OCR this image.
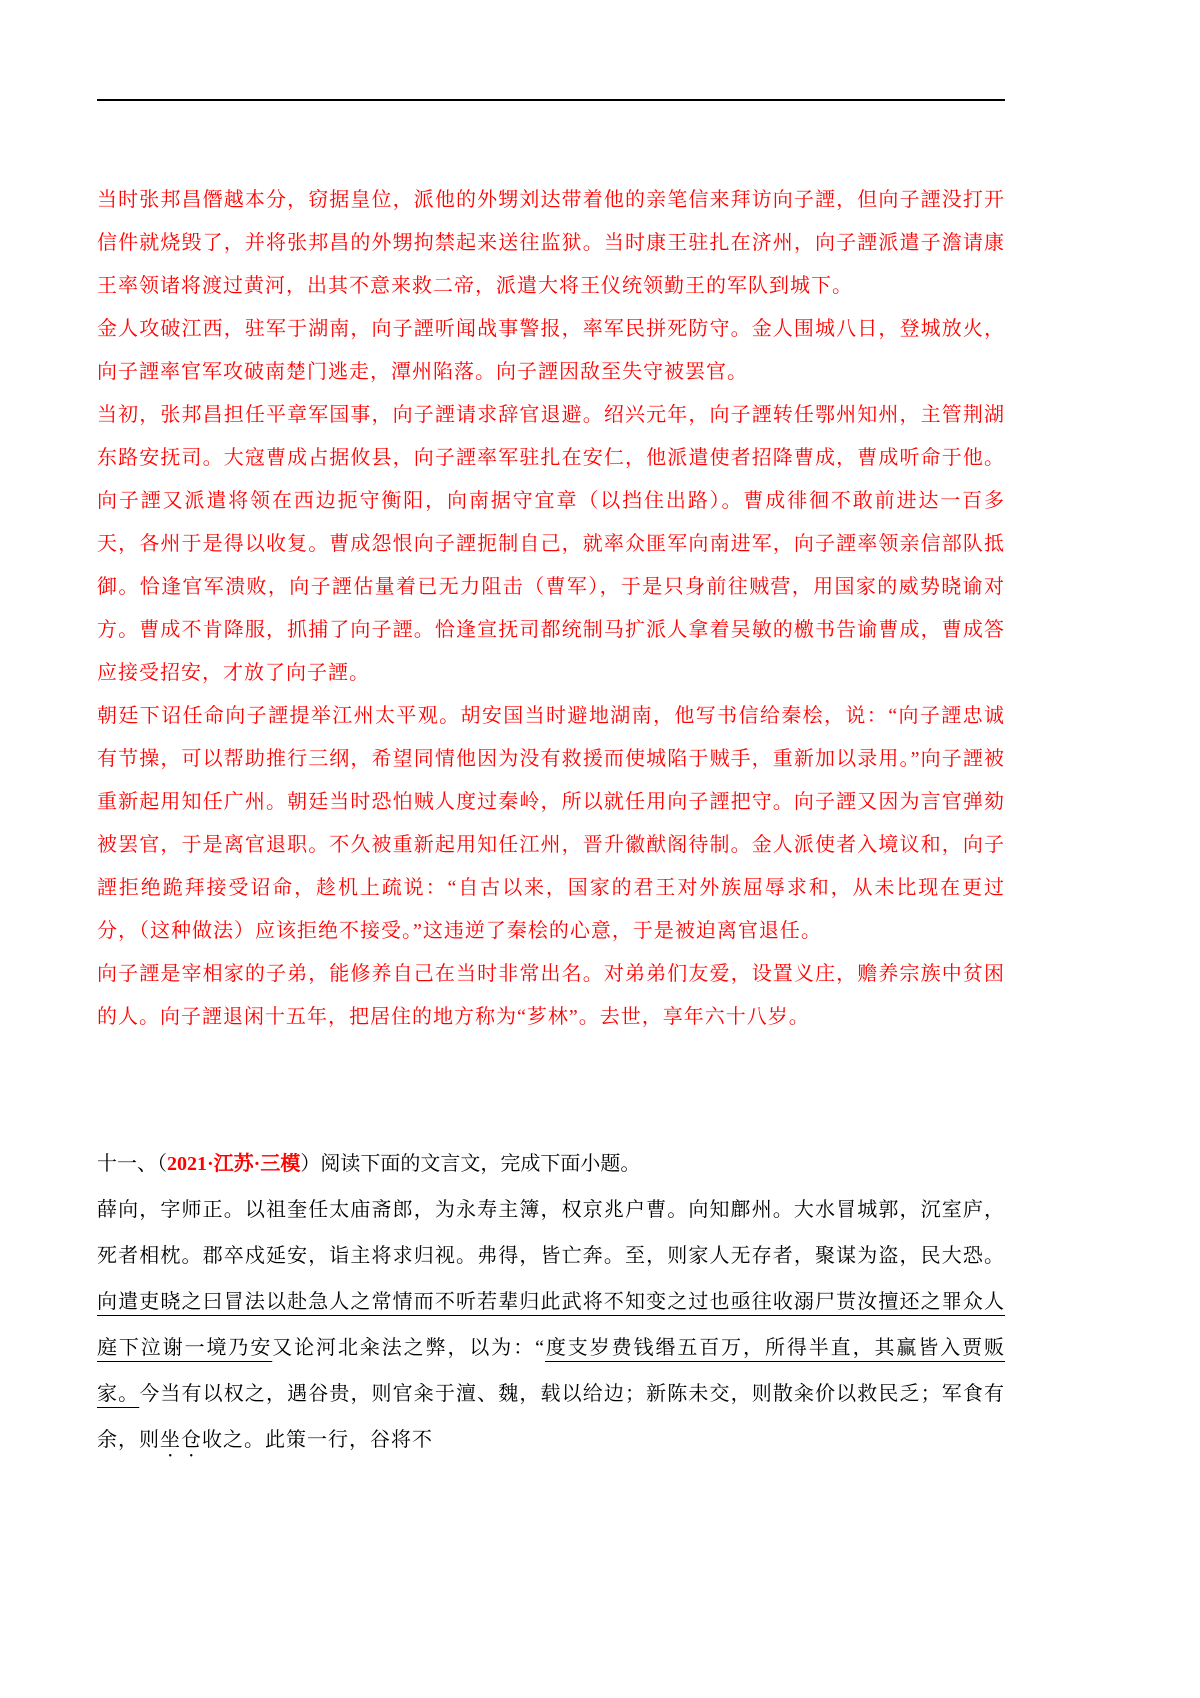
当时张邦昌僭越本分，窃据皇位，派他的外甥刘达带着他的亲笔信来拜访向子諲，但向子諲没打开信件就烧毁了，并将张邦昌的外甥拘禁起来送往监狱。当时康王驻扎在济州，向子諲派遣子澹请康王率领诸将渡过黄河，出其不意来救二帝，派遣大将王仪统领勤王的军队到城下。

金人攻破江西，驻军于湖南，向子諲听闻战事警报，率军民拼死防守。金人围城八日，登城放火，向子諲率官军攻破南楚门逃走，潭州陷落。向子諲因敌至失守被罢官。

当初，张邦昌担任平章军国事，向子諲请求辞官退避。绍兴元年，向子諲转任鄂州知州，主管荆湖东路安抚司。大寇曹成占据攸县，向子諲率军驻扎在安仁，他派遣使者招降曹成，曹成听命于他。向子諲又派遣将领在西边扼守衡阳，向南据守宜章（以挡住出路）。曹成徘徊不敢前进达一百多天，各州于是得以收复。曹成怨恨向子諲扼制自己，就率众匪军向南进军，向子諲率领亲信部队抵御。恰逢官军溃败，向子諲估量着已无力阻击（曹军），于是只身前往贼营，用国家的威势晓谕对方。曹成不肯降服，抓捕了向子諲。恰逢宣抚司都统制马扩派人拿着吴敏的檄书告谕曹成，曹成答应接受招安，才放了向子諲。

朝廷下诏任命向子諲提举江州太平观。胡安国当时避地湖南，他写书信给秦桧，说：“向子諲忠诚有节操，可以帮助推行三纲，希望同情他因为没有救援而使城陷于贼手，重新加以录用。”向子諲被重新起用知任广州。朝廷当时恐怕贼人度过秦岭，所以就任用向子諲把守。向子諲又因为言官弹劾被罢官，于是离官退职。不久被重新起用知任江州，晋升徽猷阁待制。金人派使者入境议和，向子諲拒绝跪拜接受诏命，趁机上疏说：“自古以来，国家的君王对外族屈辱求和，从未比现在更过分，（这种做法）应该拒绝不接受。”这违逆了秦桧的心意，于是被迫离官退任。

向子諲是宰相家的子弟，能修养自己在当时非常出名。对弟弟们友爱，设置义庄，赡养宗族中贫困的人。向子諲退闲十五年，把居住的地方称为“芗林”。去世，享年六十八岁。

十一、（2021·江苏·三模）阅读下面的文言文，完成下面小题。

薛向，字师正。以祖奎任太庙斋郎，为永寿主簿，权京兆户曹。向知鄜州。大水冒城郭，沉室庐，死者相枕。郡卒戍延安，诣主将求归视。弗得，皆亡奔。至，则家人无存者，聚谋为盗，民大恐。向遣吏晓之曰冒法以赴急人之常情而不听若辈归此武将不知变之过也亟往收溺尸贳汝擅还之罪众人庭下泣谢一境乃安又论河北籴法之弊，以为：“度支岁费钱缗五百万，所得半直，其赢皆入贾贩家。今当有以权之，遇谷贵，则官籴于澶、魏，载以给边；新陈未交，则散籴价以救民乏；军食有余，则坐仓收之。此策一行，谷将不
